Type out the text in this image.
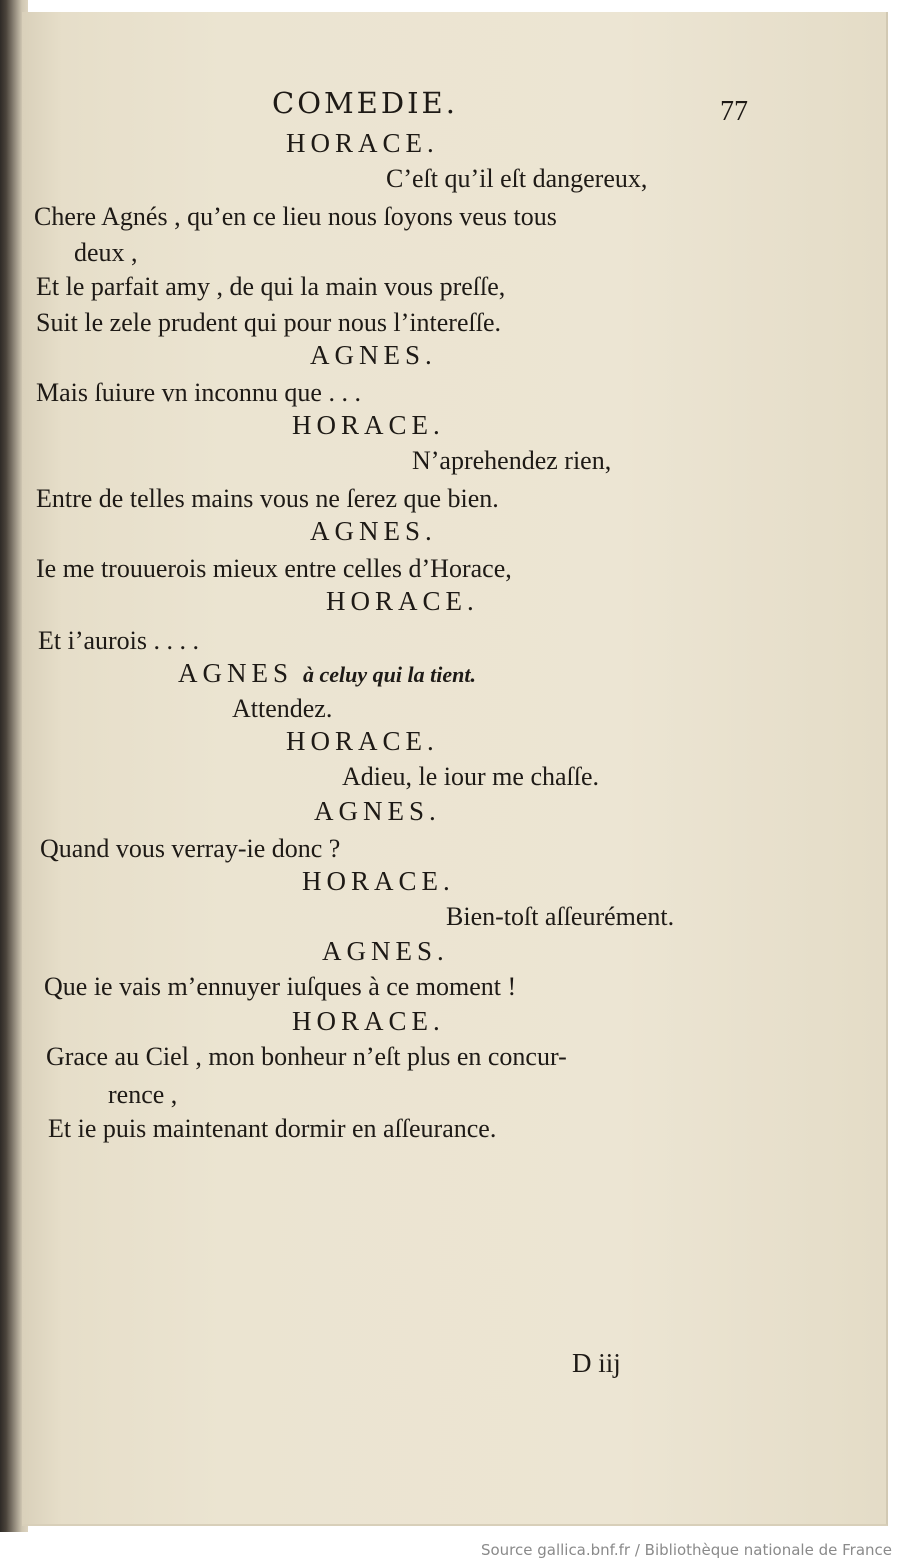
COMEDIE.	77
HORACE.
C’eſt qu’il eſt dangereux,
Chere Agnés , qu’en ce lieu nous ſoyons veus tous
deux ,
Et le parfait amy , de qui la main vous preſſe,
Suit le zele prudent qui pour nous l’intereſſe.
AGNES.
Mais ſuiure vn inconnu que . . .
HORACE.
N’aprehendez rien,
Entre de telles mains vous ne ſerez que bien.
AGNES.
Ie me trouuerois mieux entre celles d’Horace,
HORACE.
Et i’aurois . . . .
AGNES à celuy qui la tient.
Attendez.
HORACE.
Adieu, le iour me chaſſe.
AGNES.
Quand vous verray-ie donc ?
HORACE.
Bien-toſt aſſeurément.
AGNES.
Que ie vais m’ennuyer iuſques à ce moment !
HORACE.
Grace au Ciel , mon bonheur n’eſt plus en concur-
rence ,
Et ie puis maintenant dormir en aſſeurance.
D iij
Source gallica.bnf.fr / Bibliothèque nationale de France
